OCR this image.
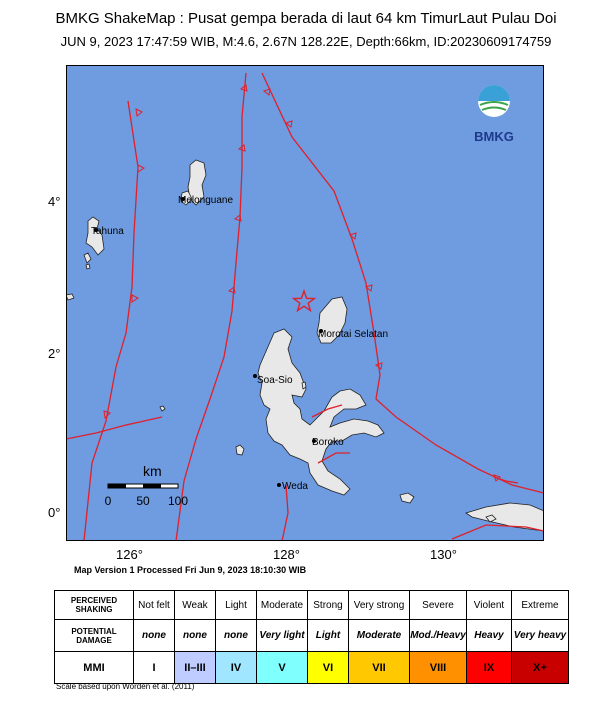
BMKG ShakeMap : Pusat gempa berada di laut 64 km TimurLaut Pulau Doi
JUN 9, 2023 17:47:59 WIB, M:4.6, 2.67N 128.22E, Depth:66km, ID:20230609174759
4°
2°
0°
Melonguane
Tahuna
Morotai Selatan
Soa-Sio
Boroko
Weda
BMKG
km
0 50 100
126°	128°	130°
Map Version 1 Processed Fri Jun 9, 2023 18:10:30 WIB
PERCEIVED SHAKING	Not felt	Weak	Light	Moderate	Strong	Very strong	Severe	Violent	Extreme
POTENTIAL DAMAGE	none	none	none	Very light	Light	Moderate	Mod./Heavy	Heavy	Very heavy
MMI	I	II–III	IV	V	VI	VII	VIII	IX	X+
Scale based upon Worden et al. (2011)
